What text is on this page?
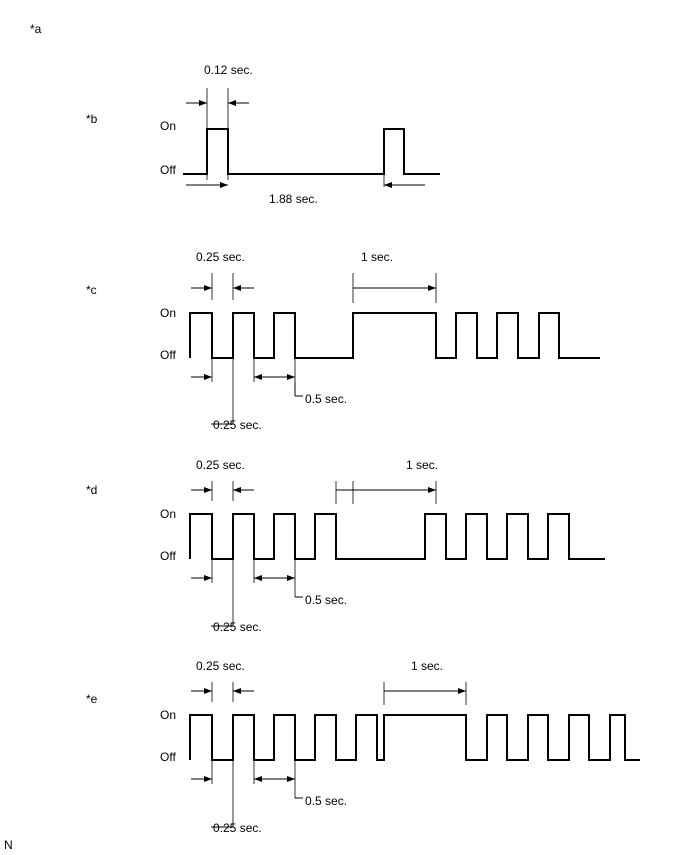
*a
0.12 sec.
*b	On
Off
1.88 sec.
0.25 sec.	1 sec.
*c
On
Off
0.5 sec.
0.25 sec.
0.25 sec.	1 sec.
*d
On
Off
0.5 sec.
0.25 sec.
0.25 sec.	1 sec.
*e
On
Off
0.5 sec.
0.25 sec.
N
